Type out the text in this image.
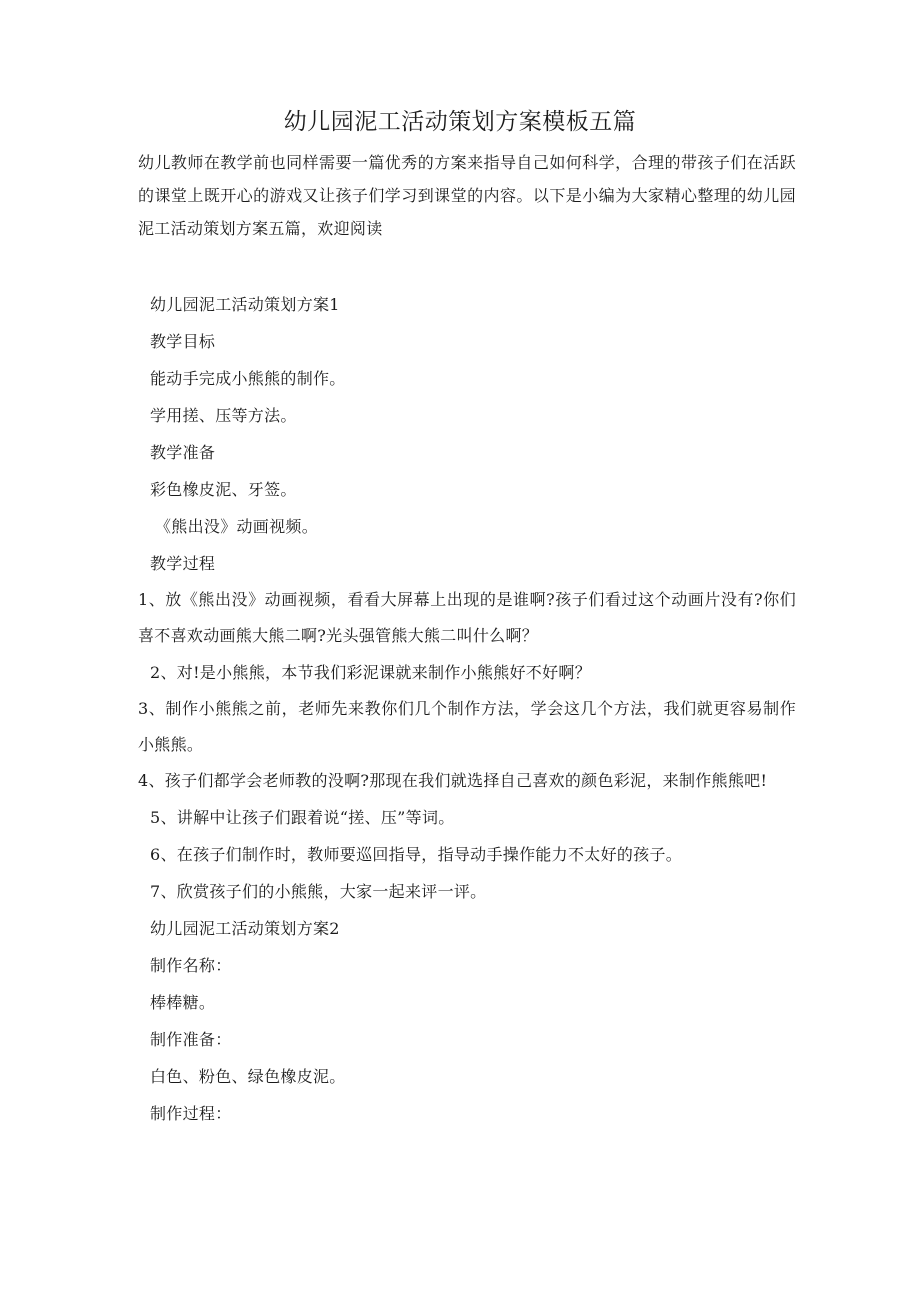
幼儿园泥工活动策划方案模板五篇

幼儿教师在教学前也同样需要一篇优秀的方案来指导自己如何科学，合理的带孩子们在活跃的课堂上既开心的游戏又让孩子们学习到课堂的内容。以下是小编为大家精心整理的幼儿园泥工活动策划方案五篇，欢迎阅读

幼儿园泥工活动策划方案1

教学目标

能动手完成小熊熊的制作。

学用搓、压等方法。

教学准备

彩色橡皮泥、牙签。

《熊出没》动画视频。

教学过程

1、放《熊出没》动画视频，看看大屏幕上出现的是谁啊?孩子们看过这个动画片没有?你们喜不喜欢动画熊大熊二啊?光头强管熊大熊二叫什么啊？

2、对!是小熊熊，本节我们彩泥课就来制作小熊熊好不好啊？

3、制作小熊熊之前，老师先来教你们几个制作方法，学会这几个方法，我们就更容易制作小熊熊。

4、孩子们都学会老师教的没啊?那现在我们就选择自己喜欢的颜色彩泥，来制作熊熊吧!

5、讲解中让孩子们跟着说“搓、压”等词。

6、在孩子们制作时，教师要巡回指导，指导动手操作能力不太好的孩子。

7、欣赏孩子们的小熊熊，大家一起来评一评。

幼儿园泥工活动策划方案2

制作名称：

棒棒糖。

制作准备：

白色、粉色、绿色橡皮泥。

制作过程：
